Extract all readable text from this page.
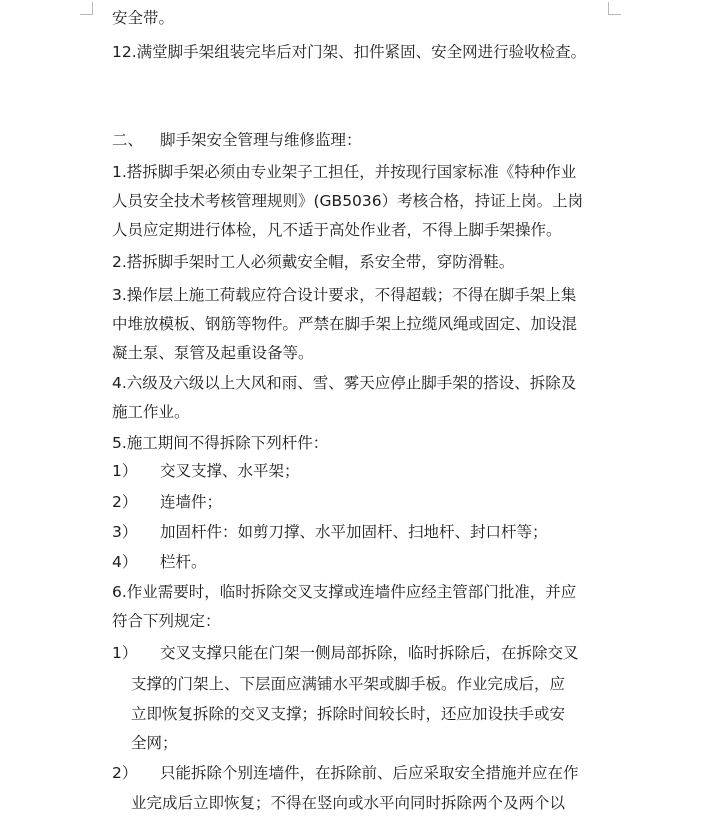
安全带。
12.满堂脚手架组装完毕后对门架、扣件紧固、安全网进行验收检查。
二、 脚手架安全管理与维修监理：
1.搭拆脚手架必须由专业架子工担任，并按现行国家标准《特种作业
人员安全技术考核管理规则》(GB5036）考核合格，持证上岗。上岗
人员应定期进行体检，凡不适于高处作业者，不得上脚手架操作。
2.搭拆脚手架时工人必须戴安全帽，系安全带，穿防滑鞋。
3.操作层上施工荷载应符合设计要求，不得超载；不得在脚手架上集
中堆放模板、钢筋等物件。严禁在脚手架上拉缆风绳或固定、加设混
凝土泵、泵管及起重设备等。
4.六级及六级以上大风和雨、雪、雾天应停止脚手架的搭设、拆除及
施工作业。
5.施工期间不得拆除下列杆件：
1） 交叉支撑、水平架；
2） 连墙件；
3） 加固杆件：如剪刀撑、水平加固杆、扫地杆、封口杆等；
4） 栏杆。
6.作业需要时，临时拆除交叉支撑或连墙件应经主管部门批准，并应
符合下列规定：
1） 交叉支撑只能在门架一侧局部拆除，临时拆除后，在拆除交叉
支撑的门架上、下层面应满铺水平架或脚手板。作业完成后，应
立即恢复拆除的交叉支撑；拆除时间较长时，还应加设扶手或安
全网；
2） 只能拆除个别连墙件，在拆除前、后应采取安全措施并应在作
业完成后立即恢复；不得在竖向或水平向同时拆除两个及两个以
